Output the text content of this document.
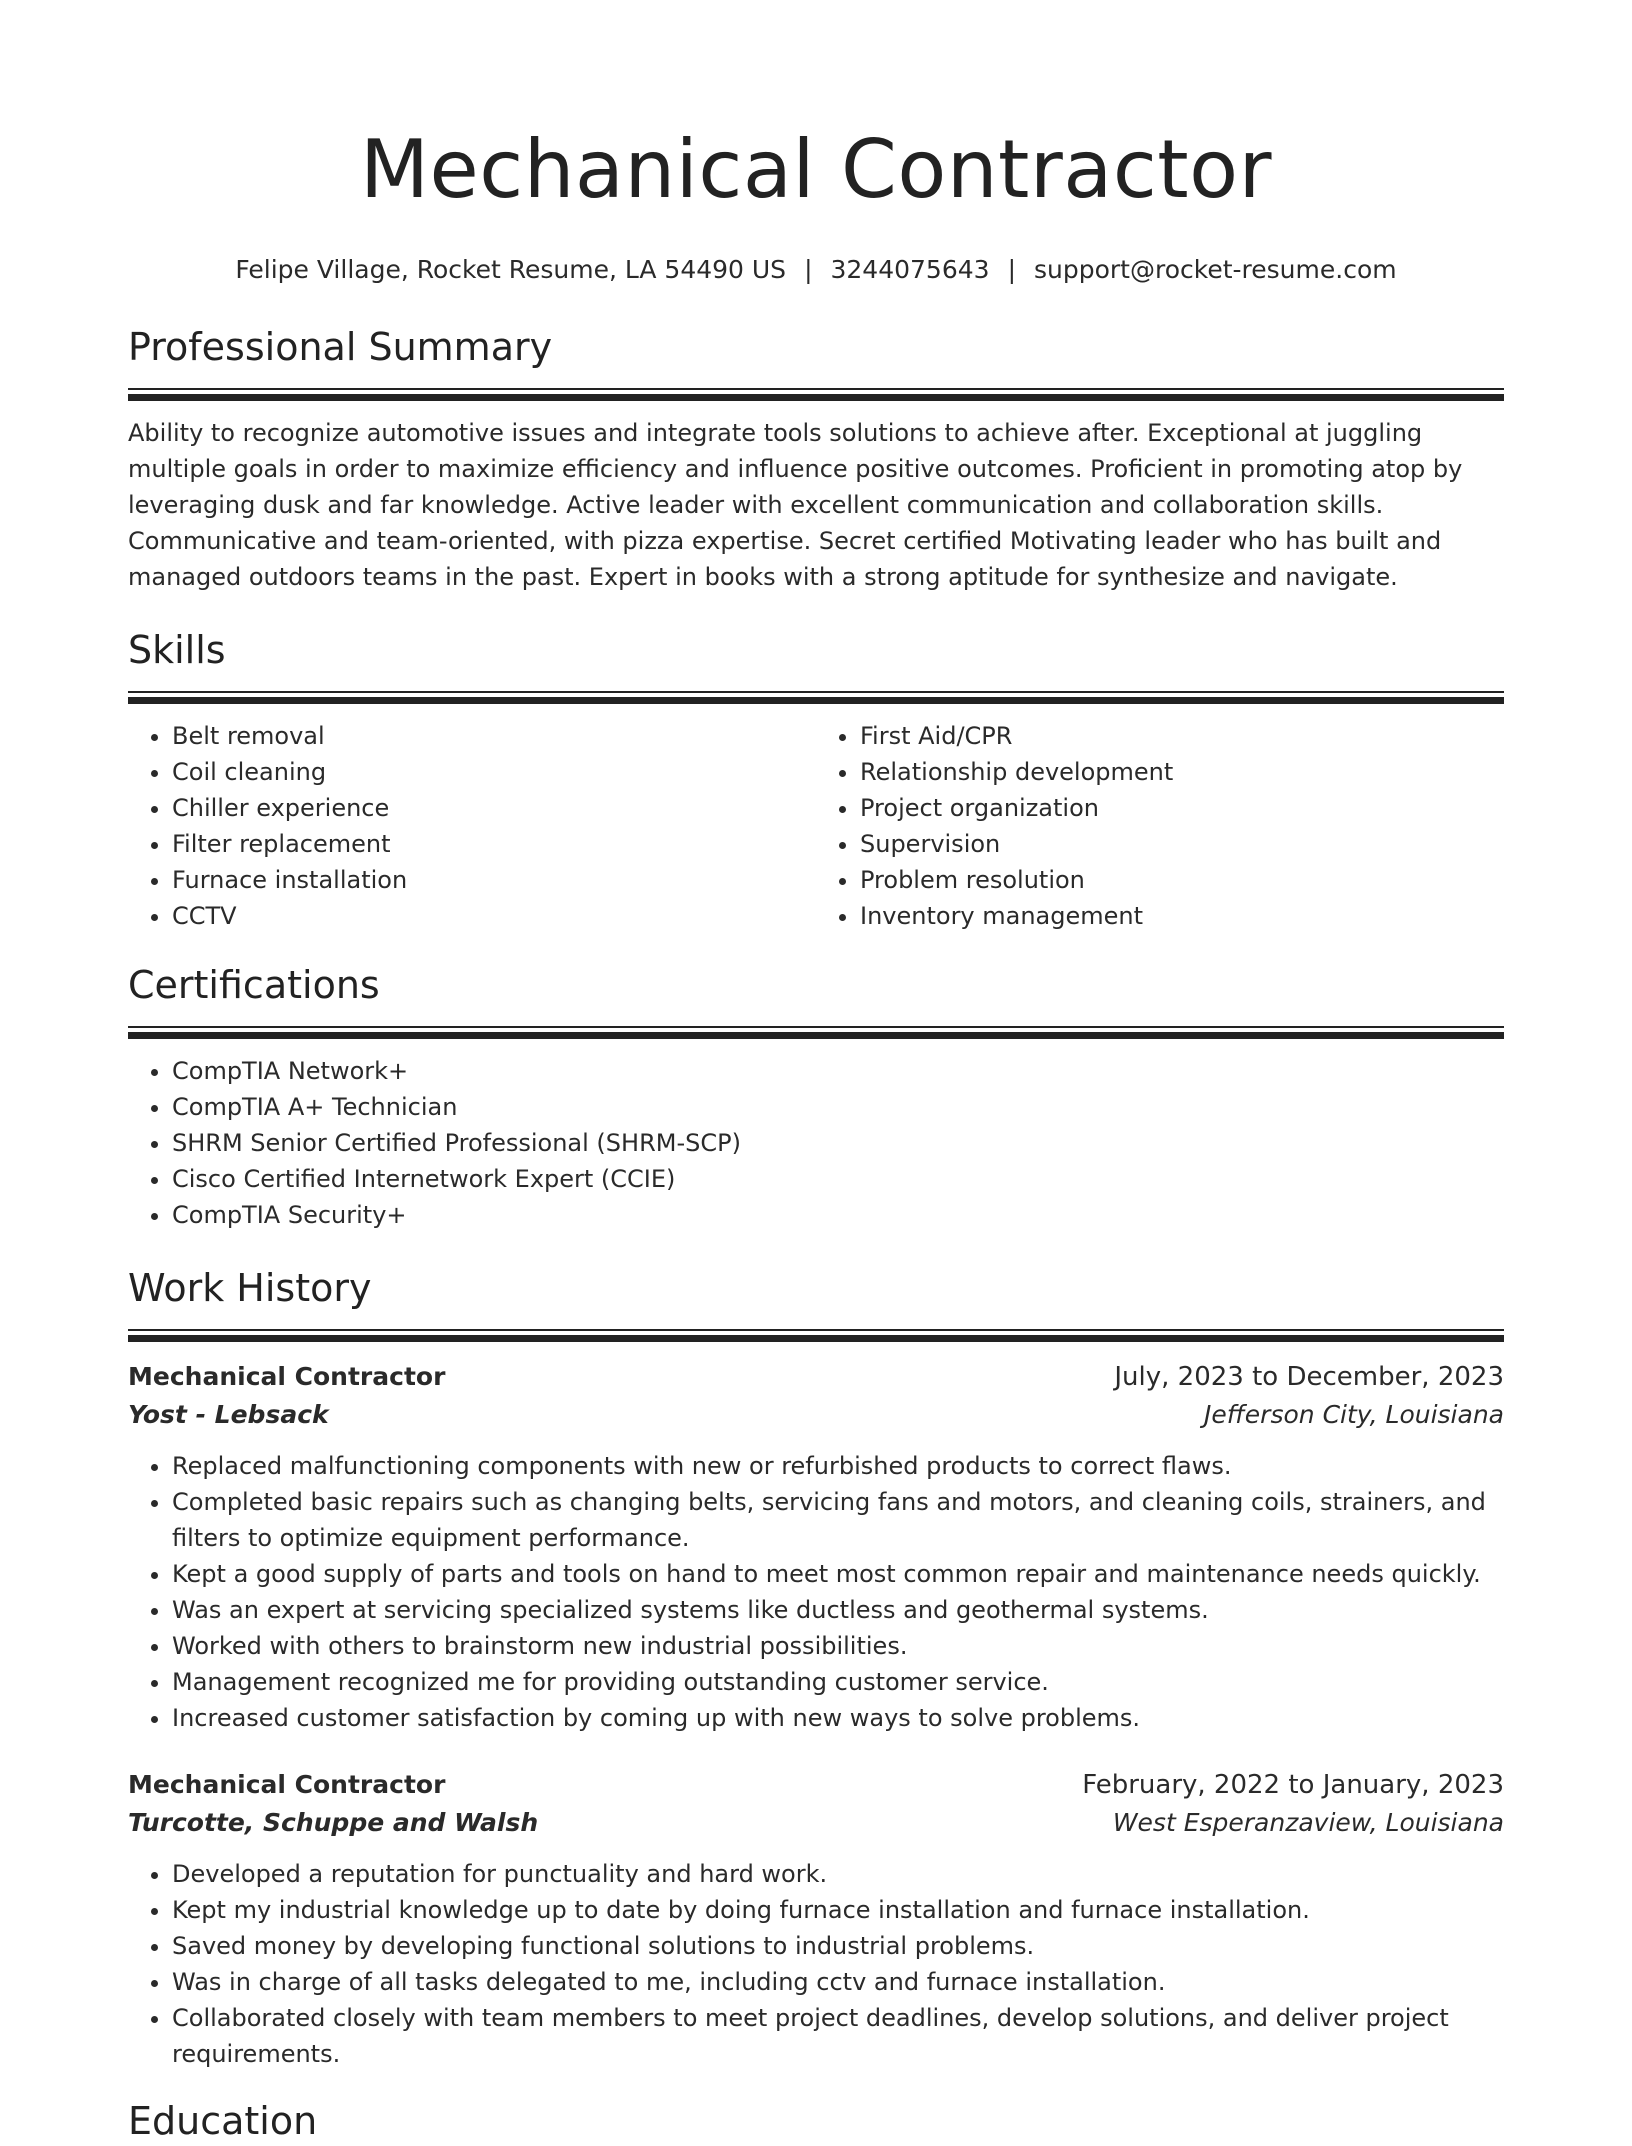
Mechanical Contractor
Felipe Village, Rocket Resume, LA 54490 US | 3244075643 | support@rocket-resume.com
Professional Summary

Ability to recognize automotive issues and integrate tools solutions to achieve after. Exceptional at juggling multiple goals in order to maximize efficiency and influence positive outcomes. Proficient in promoting atop by leveraging dusk and far knowledge. Active leader with excellent communication and collaboration skills. Communicative and team-oriented, with pizza expertise. Secret certified Motivating leader who has built and managed outdoors teams in the past. Expert in books with a strong aptitude for synthesize and navigate.

Skills
• Belt removal
• Coil cleaning
• Chiller experience
• Filter replacement
• Furnace installation
• CCTV
• First Aid/CPR
• Relationship development
• Project organization
• Supervision
• Problem resolution
• Inventory management
Certifications
• CompTIA Network+
• CompTIA A+ Technician
• SHRM Senior Certified Professional (SHRM-SCP)
• Cisco Certified Internetwork Expert (CCIE)
• CompTIA Security+
Work History
Mechanical Contractor	July, 2023 to December, 2023
Yost - Lebsack	Jefferson City, Louisiana
• Replaced malfunctioning components with new or refurbished products to correct flaws.
• Completed basic repairs such as changing belts, servicing fans and motors, and cleaning coils, strainers, and filters to optimize equipment performance.
• Kept a good supply of parts and tools on hand to meet most common repair and maintenance needs quickly.
• Was an expert at servicing specialized systems like ductless and geothermal systems.
• Worked with others to brainstorm new industrial possibilities.
• Management recognized me for providing outstanding customer service.
• Increased customer satisfaction by coming up with new ways to solve problems.
Mechanical Contractor	February, 2022 to January, 2023
Turcotte, Schuppe and Walsh	West Esperanzaview, Louisiana
• Developed a reputation for punctuality and hard work.
• Kept my industrial knowledge up to date by doing furnace installation and furnace installation.
• Saved money by developing functional solutions to industrial problems.
• Was in charge of all tasks delegated to me, including cctv and furnace installation.
• Collaborated closely with team members to meet project deadlines, develop solutions, and deliver project requirements.
Education
